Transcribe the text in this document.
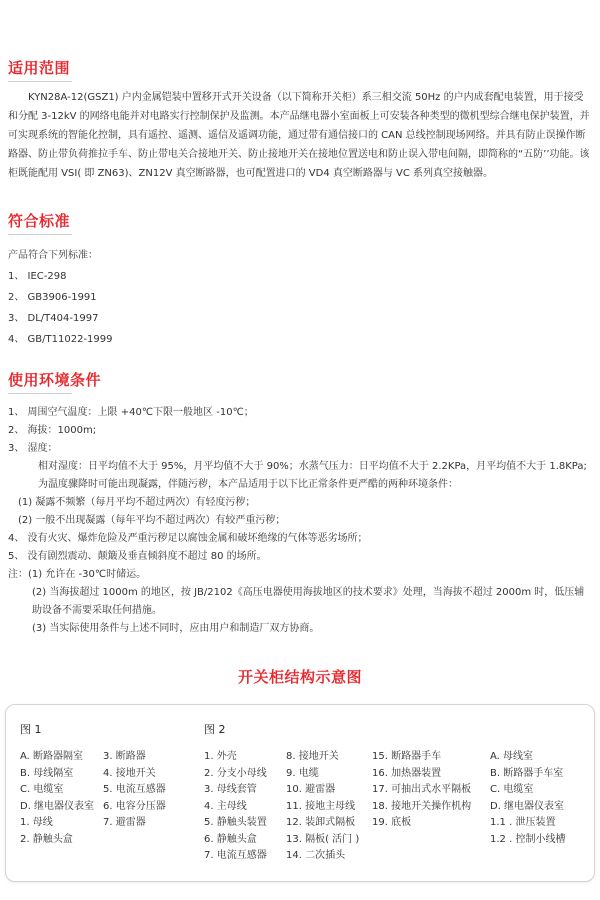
适用范围

KYN28A-12(GSZ1) 户内金属铠装中置移开式开关设备（以下简称开关柜）系三相交流 50Hz 的户内成套配电装置，用于接受和分配 3-12kV 的网络电能并对电路实行控制保护及监测。本产品继电器小室面板上可安装各种类型的微机型综合继电保护装置，并可实现系统的智能化控制，具有遥控、遥测、遥信及遥调功能，通过带有通信接口的 CAN 总线控制现场网络。并具有防止误操作断路器、防止带负荷推拉手车、防止带电关合接地开关、防止接地开关在接地位置送电和防止误入带电间隔，即简称的“五防’’功能。该柜既能配用 VSI( 即 ZN63)、ZN12V 真空断路器，也可配置进口的 VD4 真空断路器与 VC 系列真空接触器。

符合标准
产品符合下列标准：
1、 IEC-298
2、 GB3906-1991
3、 DL/T404-1997
4、 GB/T11022-1999
使用环境条件
1、 周围空气温度：上限 +40℃下限一般地区 -10℃；
2、 海拔：1000m;
3、 湿度：
相对湿度：日平均值不大于 95%，月平均值不大于 90%；水蒸气压力：日平均值不大于 2.2KPa，月平均值不大于 1.8KPa;
为温度骤降时可能出现凝露，伴随污秽，本产品适用于以下比正常条件更严酷的两种环境条件：
(1) 凝露不频繁（每月平均不超过两次）有轻度污秽；
(2) 一般不出现凝露（每年平均不超过两次）有较严重污秽；
4、 没有火灾、爆炸危险及严重污秽足以腐蚀金属和破坏绝缘的气体等恶劣场所；
5、 没有剧烈震动、颠簸及垂直倾斜度不超过 80 的场所。
注：(1) 允许在 -30℃时储运。
(2) 当海拔超过 1000m 的地区，按 JB/2102《高压电器使用海拔地区的技术要求》处理，当海拔不超过 2000m 时，低压辅助设备不需要采取任何措施。
(3) 当实际使用条件与上述不同时，应由用户和制造厂双方协商。
开关柜结构示意图
图 1	图 2
A. 断路器隔室
B. 母线隔室
C. 电缆室
D. 继电器仪表室
1. 母线
2. 静触头盒
3. 断路器
4. 接地开关
5. 电流互感器
6. 电容分压器
7. 避雷器
1. 外壳
2. 分支小母线
3. 母线套管
4. 主母线
5. 静触头装置
6. 静触头盒
7. 电流互感器
8. 接地开关
9. 电缆
10. 避雷器
11. 接地主母线
12. 装卸式隔板
13. 隔板( 活门 )
14. 二次插头
15. 断路器手车
16. 加热器装置
17. 可抽出式水平隔板
18. 接地开关操作机构
19. 底板
A. 母线室
B. 断路器手车室
C. 电缆室
D. 继电器仪表室
1.1 . 泄压装置
1.2 . 控制小线槽
